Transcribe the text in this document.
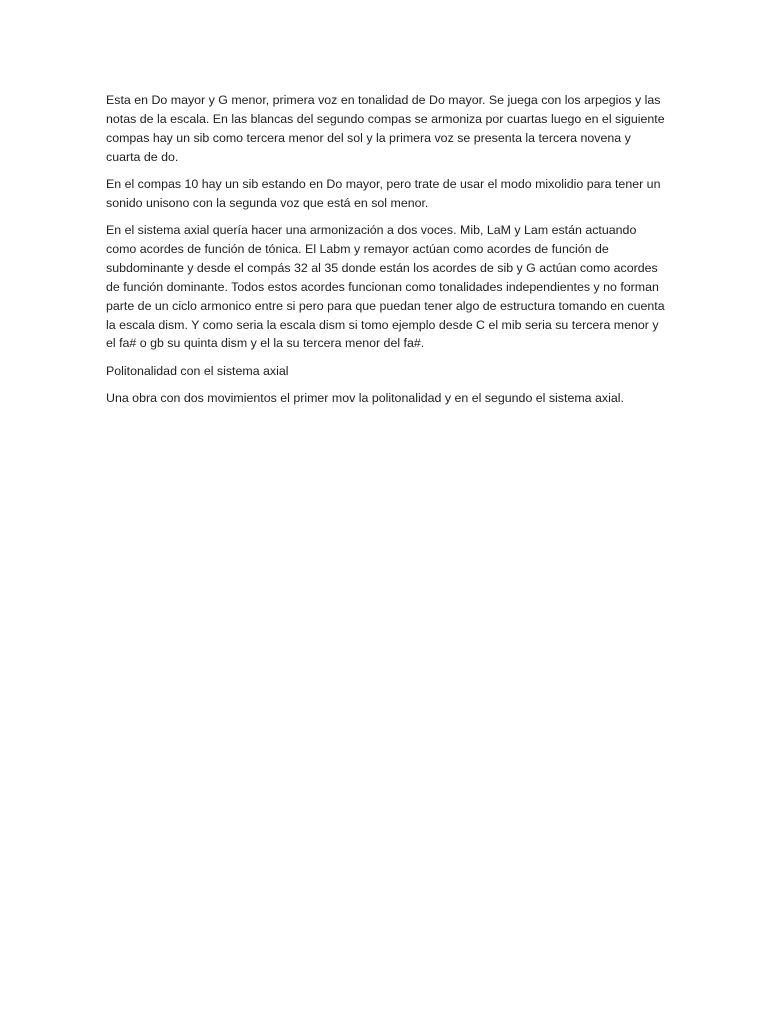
Esta en Do mayor y G menor, primera voz en tonalidad de Do mayor. Se juega con los arpegios y las notas de la escala. En las blancas del segundo compas se armoniza por cuartas luego en el siguiente compas hay un sib como tercera menor del sol y la primera voz se presenta la tercera novena y cuarta de do.

En el compas 10 hay un sib estando en Do mayor, pero trate de usar el modo mixolidio para tener un sonido unisono con la segunda voz que está en sol menor.

En el sistema axial quería hacer una armonización a dos voces. Mib, LaM y Lam están actuando como acordes de función de tónica. El Labm y remayor actúan como acordes de función de subdominante y desde el compás 32 al 35 donde están los acordes de sib y G actúan como acordes de función dominante. Todos estos acordes funcionan como tonalidades independientes y no forman parte de un ciclo armonico entre si pero para que puedan tener algo de estructura tomando en cuenta la escala dism. Y como seria la escala dism si tomo ejemplo desde C el mib seria su tercera menor y el fa# o gb su quinta dism y el la su tercera menor del fa#.

Politonalidad con el sistema axial

Una obra con dos movimientos el primer mov la politonalidad y en el segundo el sistema axial.
